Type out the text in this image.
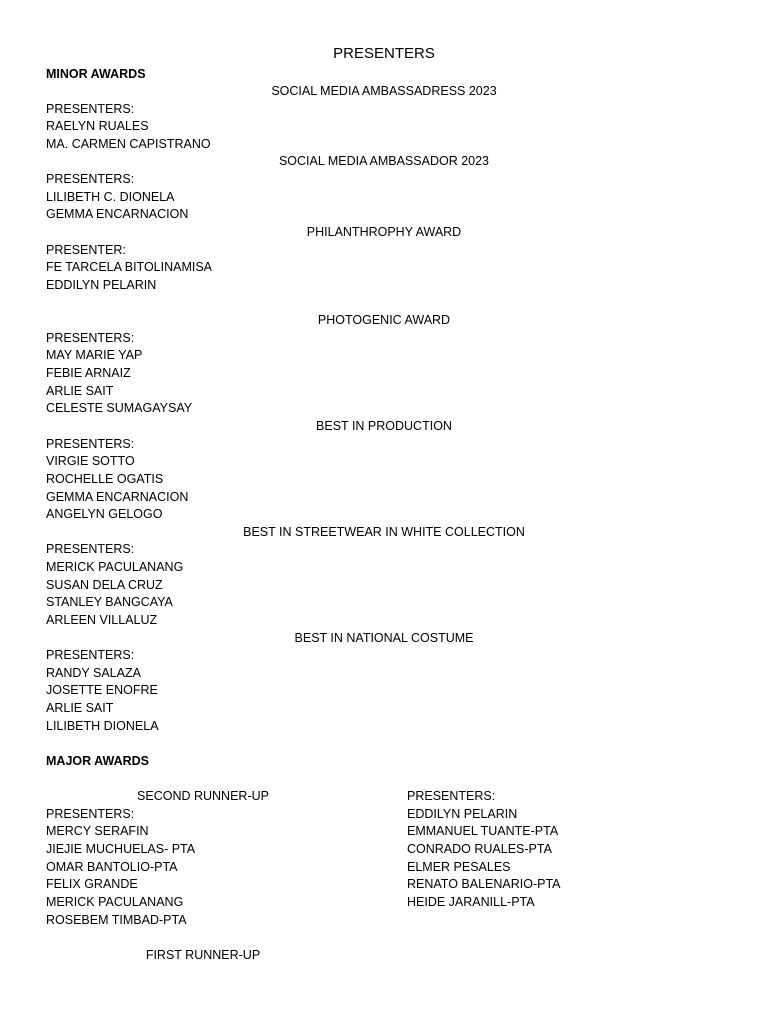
PRESENTERS
MINOR AWARDS
SOCIAL MEDIA AMBASSADRESS 2023
PRESENTERS:
RAELYN RUALES
MA. CARMEN CAPISTRANO
SOCIAL MEDIA AMBASSADOR 2023
PRESENTERS:
LILIBETH C. DIONELA
GEMMA ENCARNACION
PHILANTHROPHY AWARD
PRESENTER:
FE TARCELA BITOLINAMISA
EDDILYN PELARIN
PHOTOGENIC AWARD
PRESENTERS:
MAY MARIE YAP
FEBIE ARNAIZ
ARLIE SAIT
CELESTE SUMAGAYSAY
BEST IN PRODUCTION
PRESENTERS:
VIRGIE SOTTO
ROCHELLE OGATIS
GEMMA ENCARNACION
ANGELYN GELOGO
BEST IN STREETWEAR IN WHITE COLLECTION
PRESENTERS:
MERICK PACULANANG
SUSAN DELA CRUZ
STANLEY BANGCAYA
ARLEEN VILLALUZ
BEST IN NATIONAL COSTUME
PRESENTERS:
RANDY SALAZA
JOSETTE ENOFRE
ARLIE SAIT
LILIBETH DIONELA
MAJOR AWARDS
SECOND RUNNER-UP	PRESENTERS:
PRESENTERS:	EDDILYN PELARIN
MERCY SERAFIN	EMMANUEL TUANTE-PTA
JIEJIE MUCHUELAS- PTA	CONRADO RUALES-PTA
OMAR BANTOLIO-PTA	ELMER PESALES
FELIX GRANDE	RENATO BALENARIO-PTA
MERICK PACULANANG	HEIDE JARANILL-PTA
ROSEBEM TIMBAD-PTA
FIRST RUNNER-UP
